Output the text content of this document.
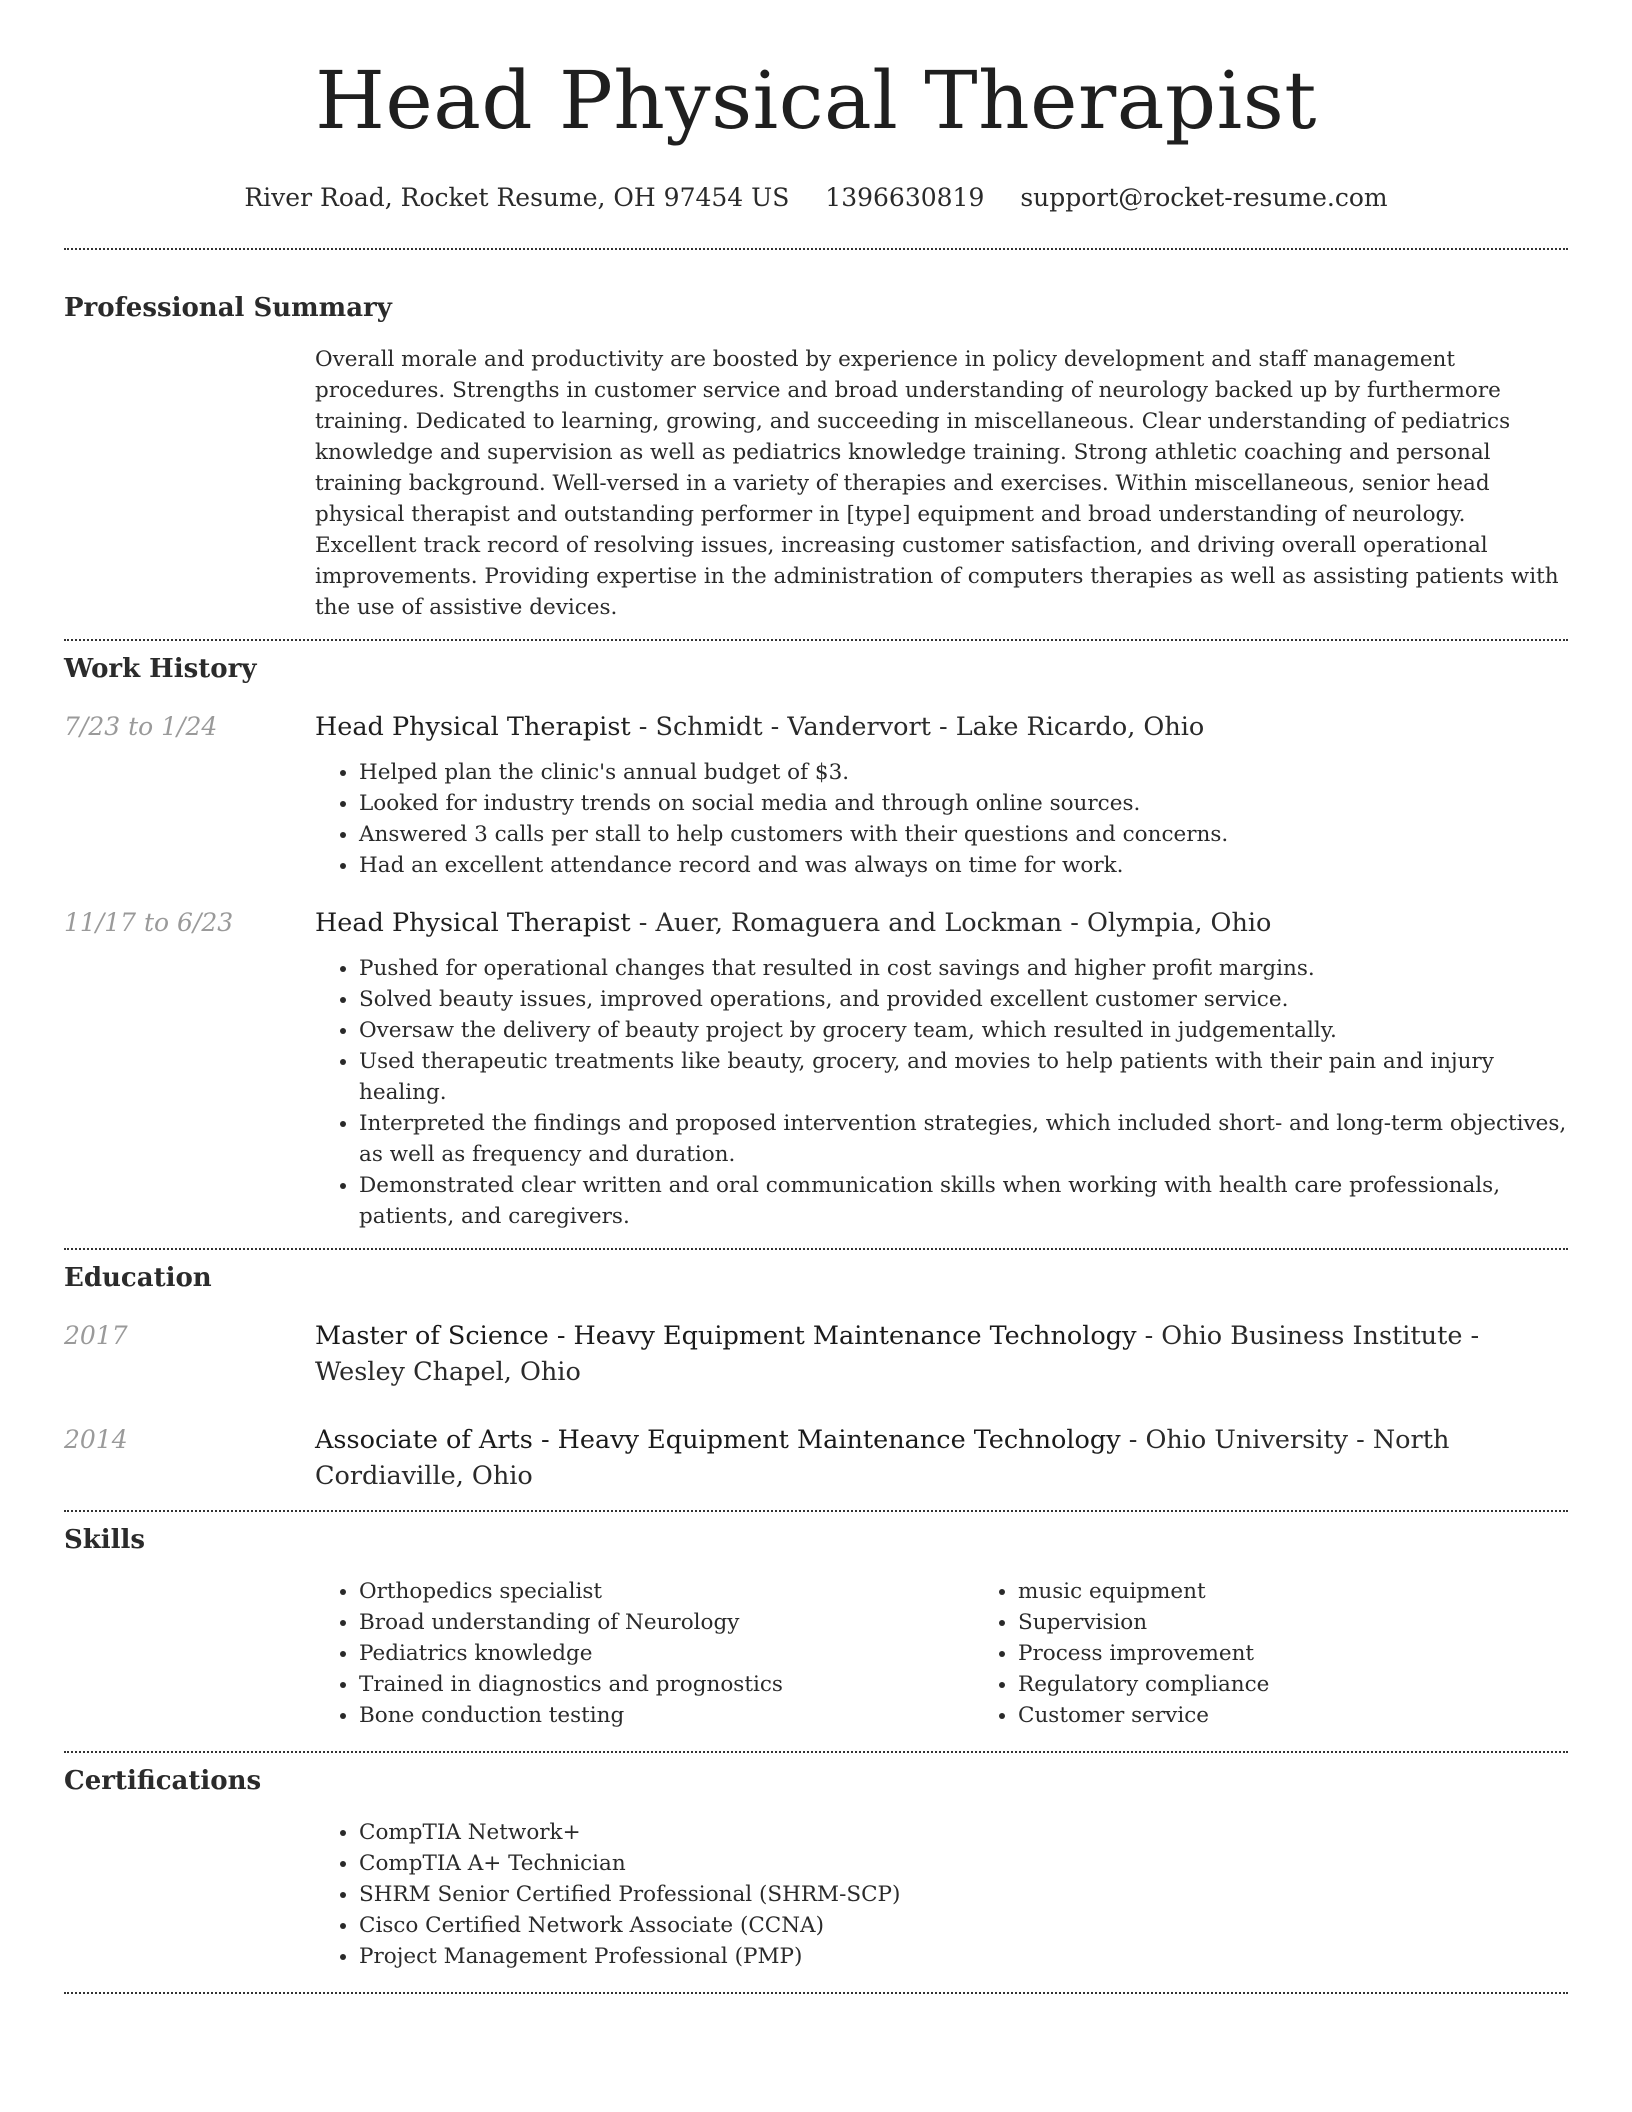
Head Physical Therapist
River Road, Rocket Resume, OH 97454 US 1396630819 support@rocket-resume.com
Professional Summary

Overall morale and productivity are boosted by experience in policy development and staff management procedures. Strengths in customer service and broad understanding of neurology backed up by furthermore training. Dedicated to learning, growing, and succeeding in miscellaneous. Clear understanding of pediatrics knowledge and supervision as well as pediatrics knowledge training. Strong athletic coaching and personal training background. Well-versed in a variety of therapies and exercises. Within miscellaneous, senior head physical therapist and outstanding performer in [type] equipment and broad understanding of neurology. Excellent track record of resolving issues, increasing customer satisfaction, and driving overall operational improvements. Providing expertise in the administration of computers therapies as well as assisting patients with the use of assistive devices.

Work History
7/23 to 1/24	Head Physical Therapist - Schmidt - Vandervort - Lake Ricardo, Ohio
• Helped plan the clinic's annual budget of $3.
• Looked for industry trends on social media and through online sources.
• Answered 3 calls per stall to help customers with their questions and concerns.
• Had an excellent attendance record and was always on time for work.
11/17 to 6/23	Head Physical Therapist - Auer, Romaguera and Lockman - Olympia, Ohio
• Pushed for operational changes that resulted in cost savings and higher profit margins.
• Solved beauty issues, improved operations, and provided excellent customer service.
• Oversaw the delivery of beauty project by grocery team, which resulted in judgementally.
• Used therapeutic treatments like beauty, grocery, and movies to help patients with their pain and injury healing.
• Interpreted the findings and proposed intervention strategies, which included short- and long-term objectives, as well as frequency and duration.
• Demonstrated clear written and oral communication skills when working with health care professionals, patients, and caregivers.
Education
2017	Master of Science - Heavy Equipment Maintenance Technology - Ohio Business Institute - Wesley Chapel, Ohio
2014	Associate of Arts - Heavy Equipment Maintenance Technology - Ohio University - North Cordiaville, Ohio
Skills
• Orthopedics specialist
• Broad understanding of Neurology
• Pediatrics knowledge
• Trained in diagnostics and prognostics
• Bone conduction testing
• music equipment
• Supervision
• Process improvement
• Regulatory compliance
• Customer service
Certifications
• CompTIA Network+
• CompTIA A+ Technician
• SHRM Senior Certified Professional (SHRM-SCP)
• Cisco Certified Network Associate (CCNA)
• Project Management Professional (PMP)
